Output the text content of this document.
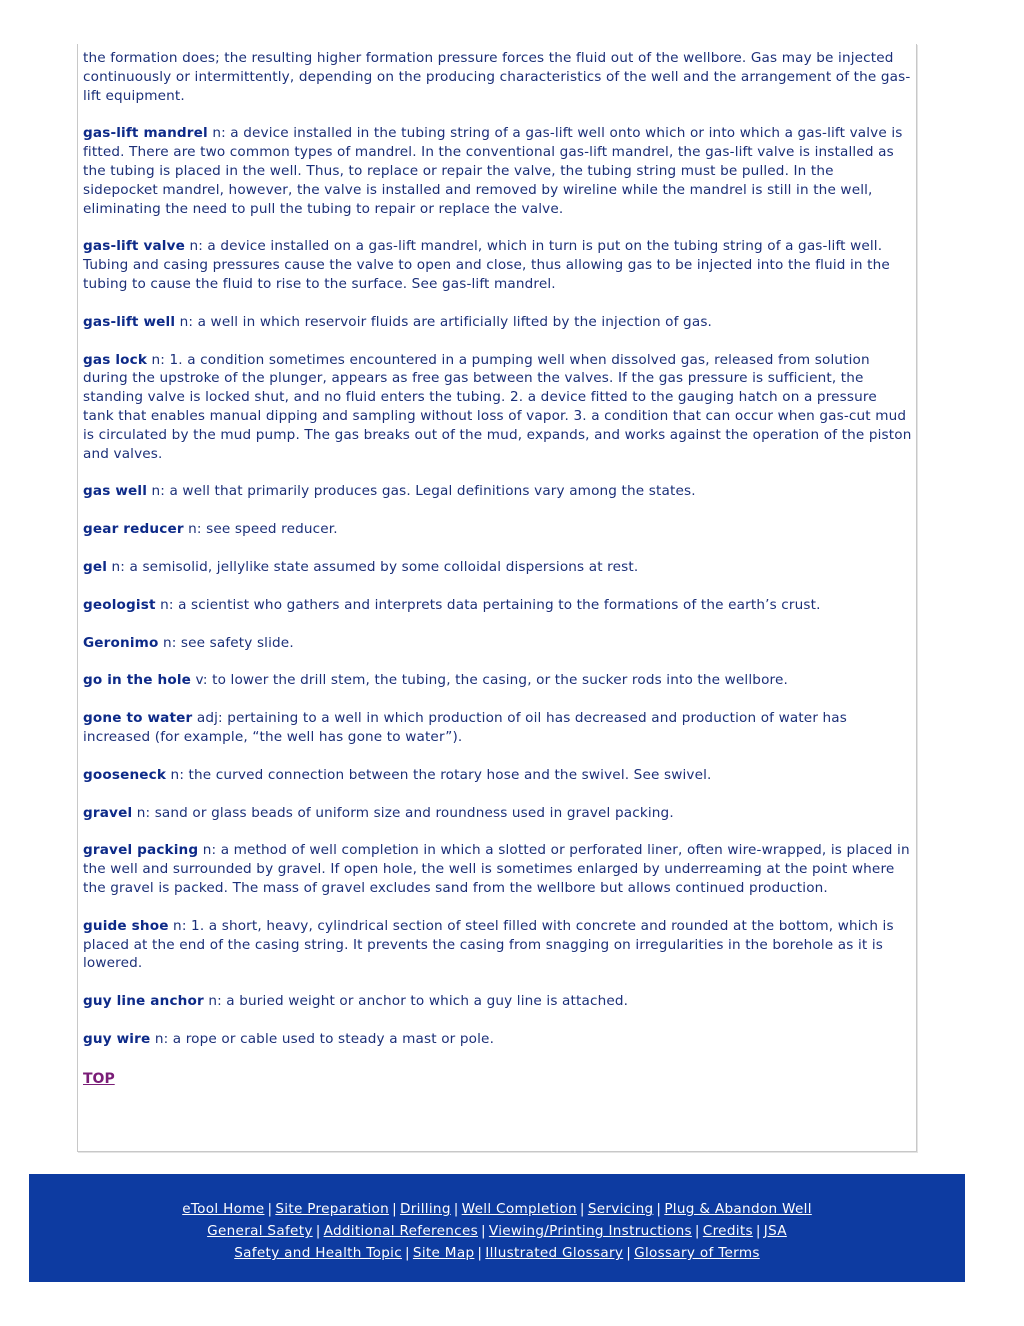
the formation does; the resulting higher formation pressure forces the fluid out of the wellbore. Gas may be injected continuously or intermittently, depending on the producing characteristics of the well and the arrangement of the gas-lift equipment.

gas-lift mandrel n: a device installed in the tubing string of a gas-lift well onto which or into which a gas-lift valve is fitted. There are two common types of mandrel. In the conventional gas-lift mandrel, the gas-lift valve is installed as the tubing is placed in the well. Thus, to replace or repair the valve, the tubing string must be pulled. In the sidepocket mandrel, however, the valve is installed and removed by wireline while the mandrel is still in the well, eliminating the need to pull the tubing to repair or replace the valve.

gas-lift valve n: a device installed on a gas-lift mandrel, which in turn is put on the tubing string of a gas-lift well. Tubing and casing pressures cause the valve to open and close, thus allowing gas to be injected into the fluid in the tubing to cause the fluid to rise to the surface. See gas-lift mandrel.

gas-lift well n: a well in which reservoir fluids are artificially lifted by the injection of gas.

gas lock n: 1. a condition sometimes encountered in a pumping well when dissolved gas, released from solution during the upstroke of the plunger, appears as free gas between the valves. If the gas pressure is sufficient, the standing valve is locked shut, and no fluid enters the tubing. 2. a device fitted to the gauging hatch on a pressure tank that enables manual dipping and sampling without loss of vapor. 3. a condition that can occur when gas-cut mud is circulated by the mud pump. The gas breaks out of the mud, expands, and works against the operation of the piston and valves.

gas well n: a well that primarily produces gas. Legal definitions vary among the states.

gear reducer n: see speed reducer.

gel n: a semisolid, jellylike state assumed by some colloidal dispersions at rest.

geologist n: a scientist who gathers and interprets data pertaining to the formations of the earth’s crust.

Geronimo n: see safety slide.

go in the hole v: to lower the drill stem, the tubing, the casing, or the sucker rods into the wellbore.

gone to water adj: pertaining to a well in which production of oil has decreased and production of water has increased (for example, “the well has gone to water”).

gooseneck n: the curved connection between the rotary hose and the swivel. See swivel.

gravel n: sand or glass beads of uniform size and roundness used in gravel packing.

gravel packing n: a method of well completion in which a slotted or perforated liner, often wire-wrapped, is placed in the well and surrounded by gravel. If open hole, the well is sometimes enlarged by underreaming at the point where the gravel is packed. The mass of gravel excludes sand from the wellbore but allows continued production.

guide shoe n: 1. a short, heavy, cylindrical section of steel filled with concrete and rounded at the bottom, which is placed at the end of the casing string. It prevents the casing from snagging on irregularities in the borehole as it is lowered.

guy line anchor n: a buried weight or anchor to which a guy line is attached.

guy wire n: a rope or cable used to steady a mast or pole.

TOP
eTool Home | Site Preparation | Drilling | Well Completion | Servicing | Plug & Abandon Well
General Safety | Additional References | Viewing/Printing Instructions | Credits | JSA
Safety and Health Topic | Site Map | Illustrated Glossary | Glossary of Terms
